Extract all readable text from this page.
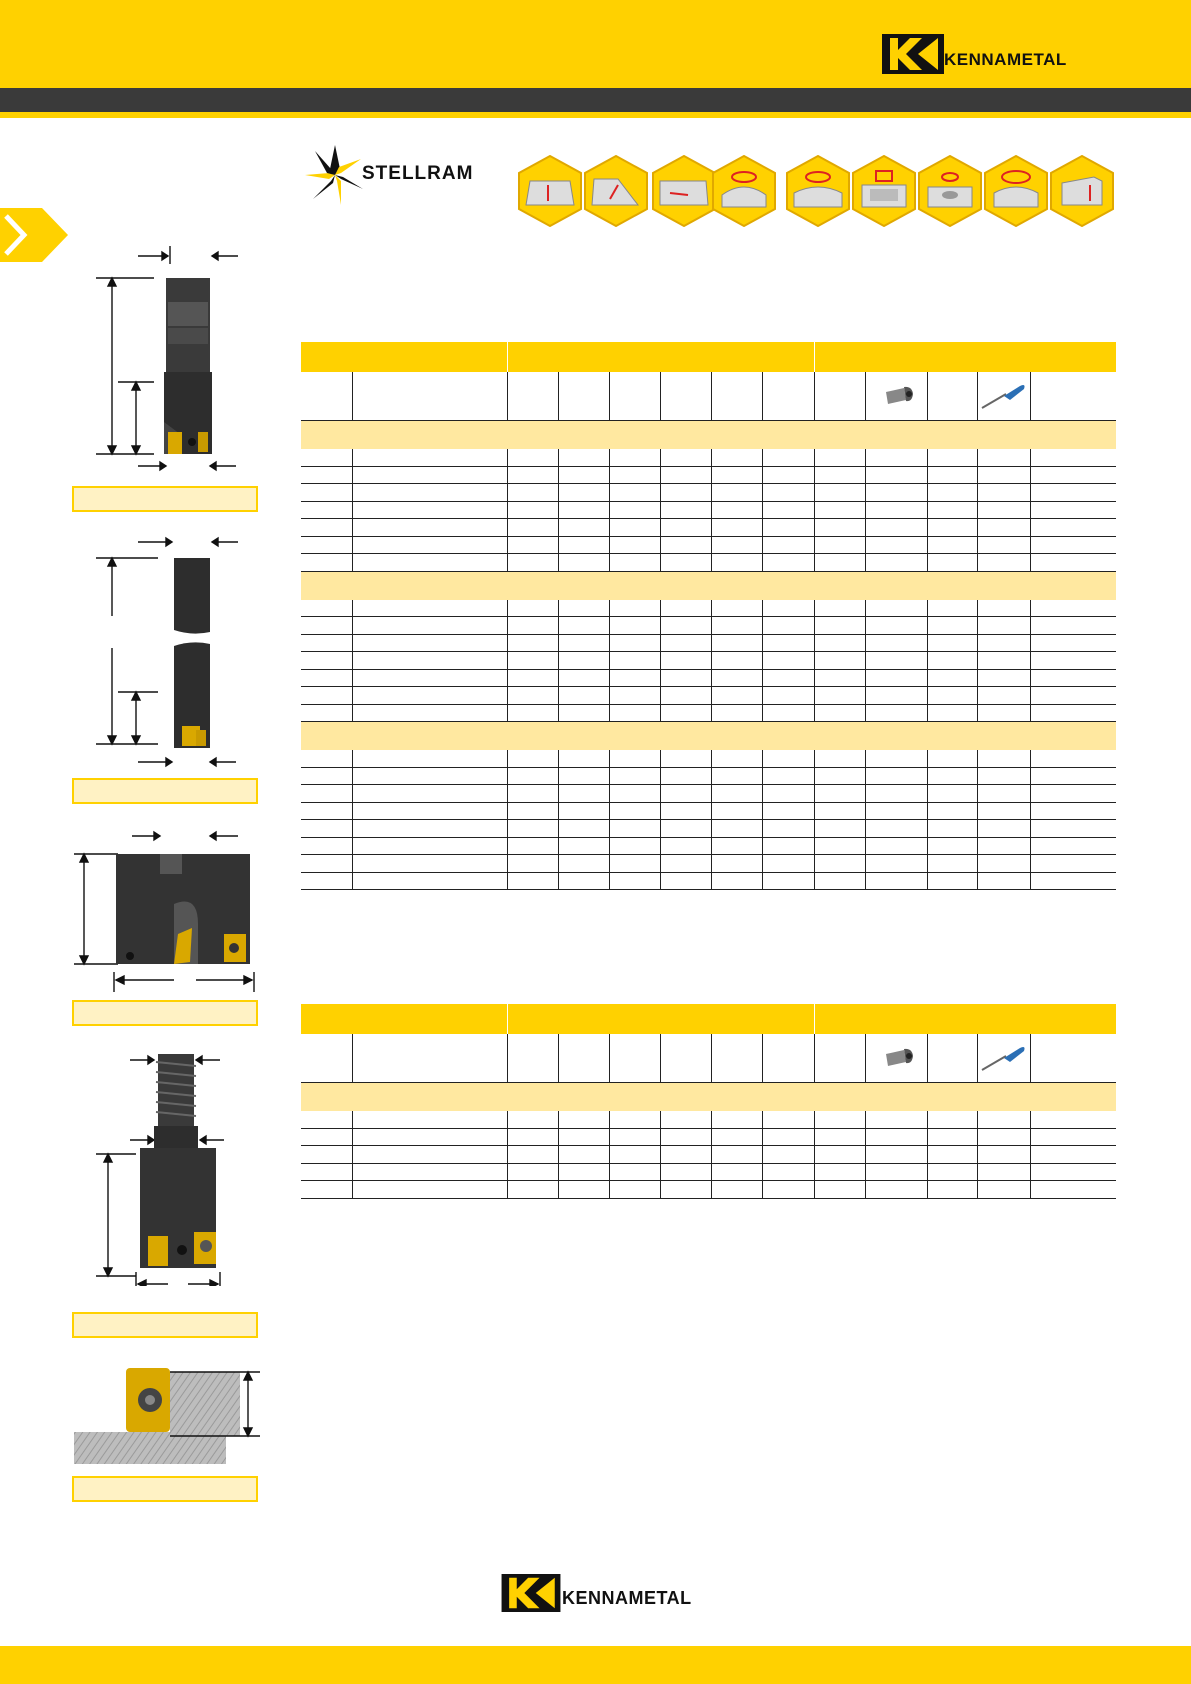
KENNAMETAL
STELLRAM
KENNAMETAL
